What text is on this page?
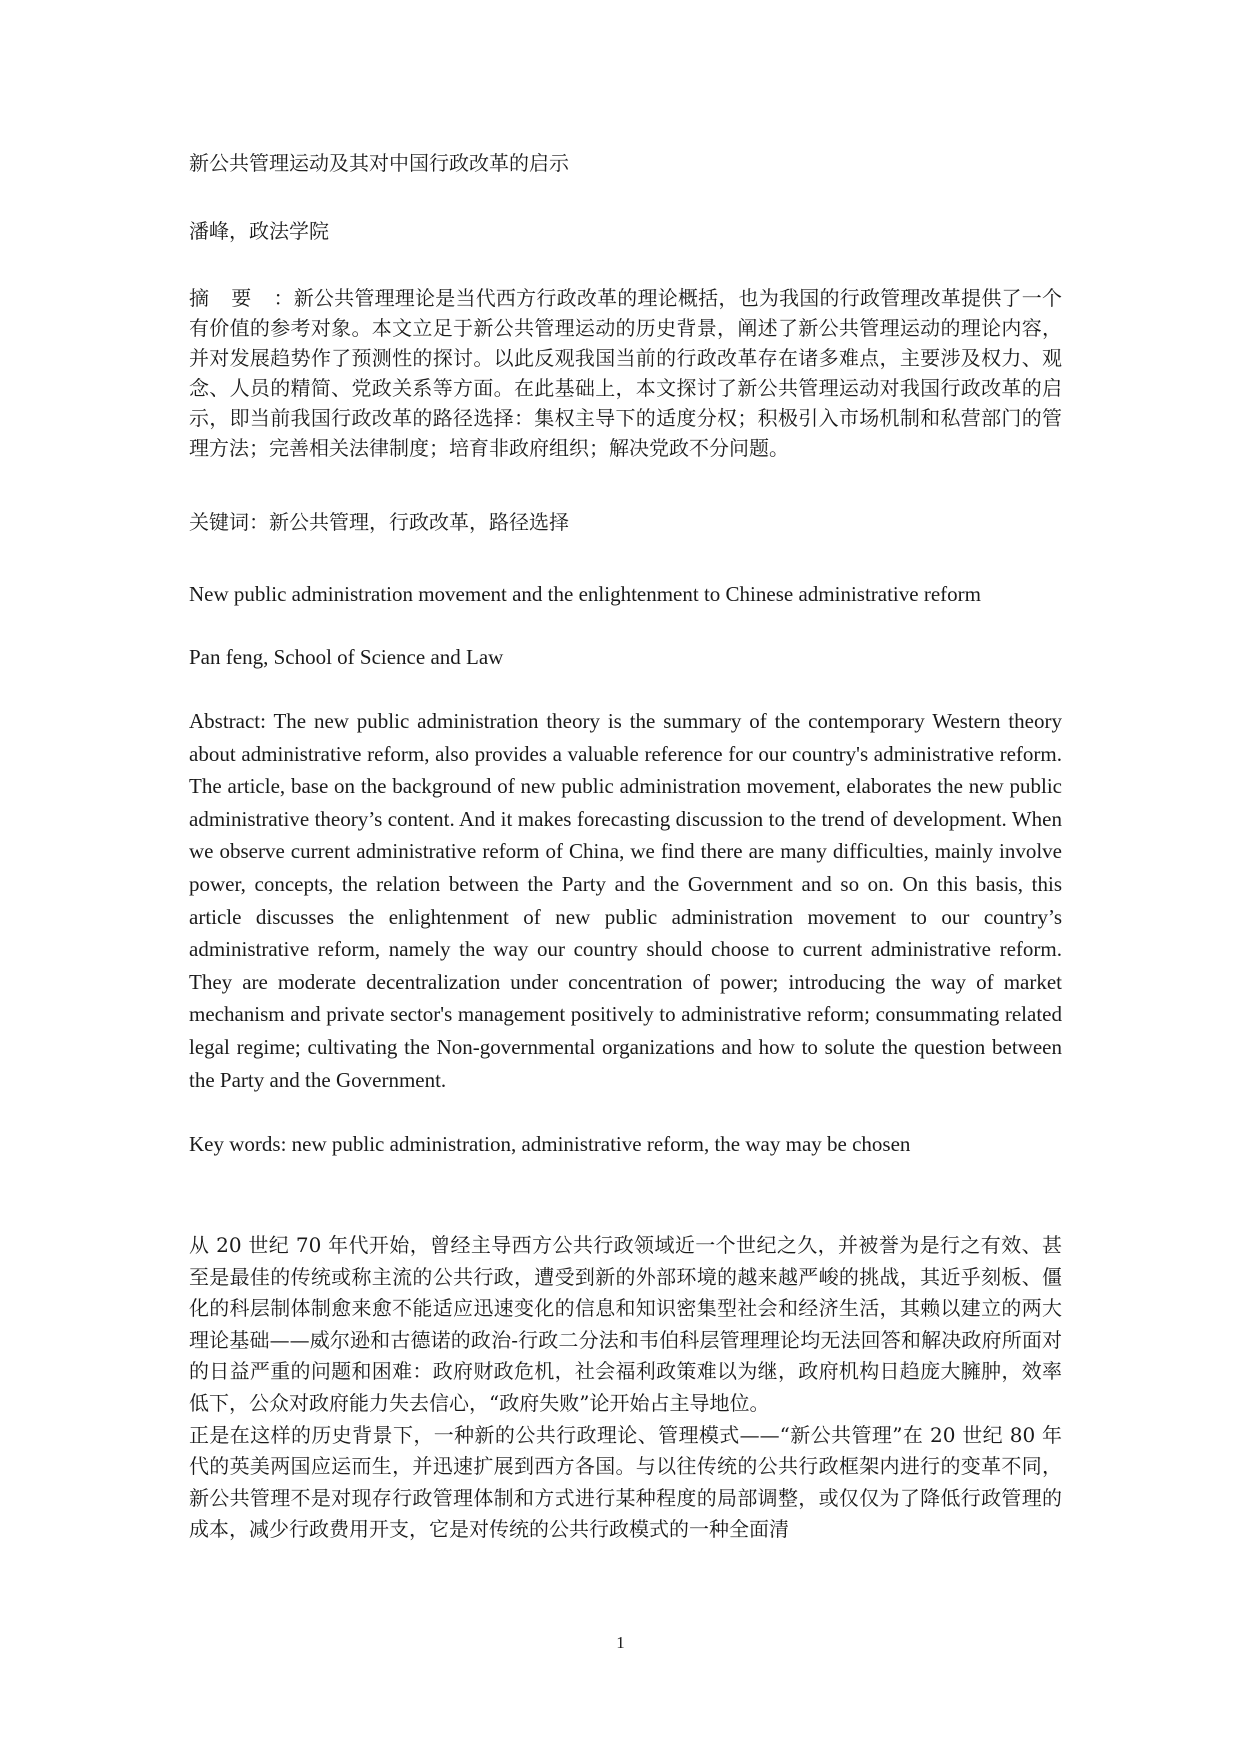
新公共管理运动及其对中国行政改革的启示

潘峰，政法学院

摘要：新公共管理理论是当代西方行政改革的理论概括，也为我国的行政管理改革提供了一个有价值的参考对象。本文立足于新公共管理运动的历史背景，阐述了新公共管理运动的理论内容，并对发展趋势作了预测性的探讨。以此反观我国当前的行政改革存在诸多难点，主要涉及权力、观念、人员的精简、党政关系等方面。在此基础上，本文探讨了新公共管理运动对我国行政改革的启示，即当前我国行政改革的路径选择：集权主导下的适度分权；积极引入市场机制和私营部门的管理方法；完善相关法律制度；培育非政府组织；解决党政不分问题。

关键词：新公共管理，行政改革，路径选择

New public administration movement and the enlightenment to Chinese administrative reform

Pan feng, School of Science and Law

Abstract: The new public administration theory is the summary of the contemporary Western theory about administrative reform, also provides a valuable reference for our country's administrative reform. The article, base on the background of new public administration movement, elaborates the new public administrative theory’s content. And it makes forecasting discussion to the trend of development. When we observe current administrative reform of China, we find there are many difficulties, mainly involve power, concepts, the relation between the Party and the Government and so on. On this basis, this article discusses the enlightenment of new public administration movement to our country’s administrative reform, namely the way our country should choose to current administrative reform. They are moderate decentralization under concentration of power; introducing the way of market mechanism and private sector's management positively to administrative reform; consummating related legal regime; cultivating the Non-governmental organizations and how to solute the question between the Party and the Government.

Key words: new public administration, administrative reform, the way may be chosen

从 20 世纪 70 年代开始，曾经主导西方公共行政领域近一个世纪之久，并被誉为是行之有效、甚至是最佳的传统或称主流的公共行政，遭受到新的外部环境的越来越严峻的挑战，其近乎刻板、僵化的科层制体制愈来愈不能适应迅速变化的信息和知识密集型社会和经济生活，其赖以建立的两大理论基础——威尔逊和古德诺的政治-行政二分法和韦伯科层管理理论均无法回答和解决政府所面对的日益严重的问题和困难：政府财政危机，社会福利政策难以为继，政府机构日趋庞大臃肿，效率低下，公众对政府能力失去信心，“政府失败”论开始占主导地位。

正是在这样的历史背景下，一种新的公共行政理论、管理模式——“新公共管理”在 20 世纪 80 年代的英美两国应运而生，并迅速扩展到西方各国。与以往传统的公共行政框架内进行的变革不同，新公共管理不是对现存行政管理体制和方式进行某种程度的局部调整，或仅仅为了降低行政管理的成本，减少行政费用开支，它是对传统的公共行政模式的一种全面清

1
